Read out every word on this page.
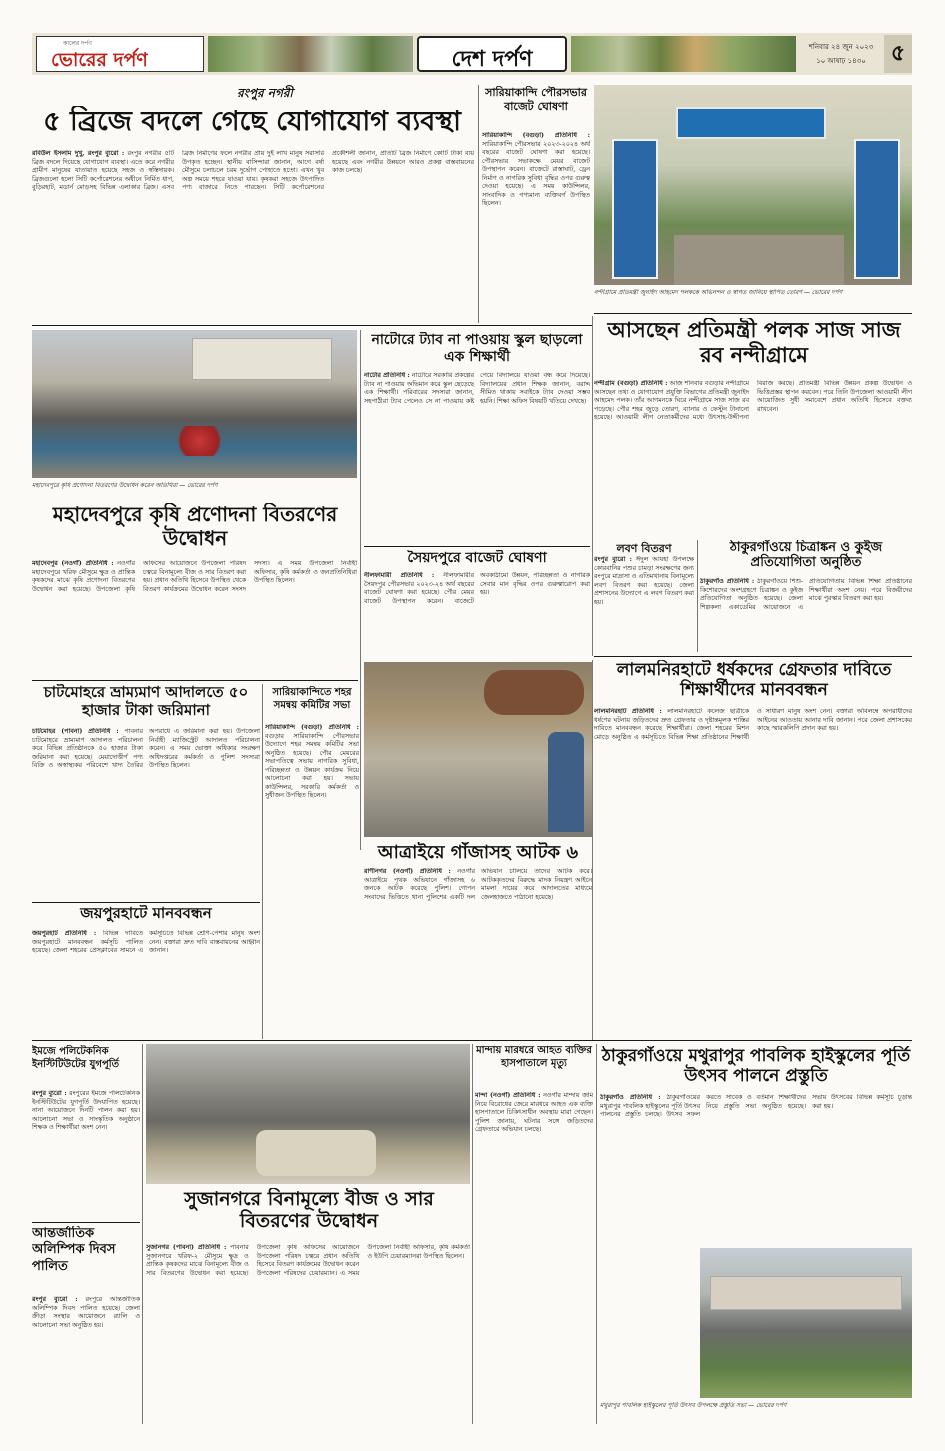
কালের দর্পণ
ভোরের দর্পণ	দেশ দর্পণ	শনিবার ২৪ জুন ২০২৩
১০ আষাঢ় ১৪৩০	৫
রংপুর নগরী
৫ ব্রিজে বদলে গেছে যোগাযোগ ব্যবস্থা
রবিউল ইসলাম দুখু, রংপুর ব্যুরো : রংপুর নগরীর ৫টি ব্রিজ বদলে দিয়েছে যোগাযোগ ব্যবস্থা। এতে করে নগরীর গ্রামীণ মানুষের যাতায়াত হয়েছে সহজ ও স্বস্তিদায়ক। ব্রিজগুলো হলো সিটি কর্পোরেশনের অধীনে নির্মিত ধাপ, বুড়িরহাট, মডার্ন মোড়সহ বিভিন্ন এলাকার ব্রিজ। এসব ব্রিজ নির্মাণের ফলে নগরীর প্রায় দুই লাখ মানুষ সরাসরি উপকৃত হচ্ছেন। স্থানীয় বাসিন্দারা জানান, আগে বর্ষা মৌসুমে চলাচলে চরম দুর্ভোগ পোহাতে হতো। এখন খুব অল্প সময়ে শহরে যাওয়া যায়। কৃষকরা সহজে উৎপাদিত পণ্য বাজারে নিতে পারছেন। সিটি কর্পোরেশনের প্রকৌশলী জানান, প্রতিটি ব্রিজ নির্মাণে কোটি টাকা ব্যয় হয়েছে এবং নগরীর উন্নয়নে আরও প্রকল্প বাস্তবায়নের কাজ চলছে।
সারিয়াকান্দি পৌরসভার বাজেট ঘোষণা
সারিয়াকান্দি (বগুড়া) প্রতিনিধি : সারিয়াকান্দি পৌরসভার ২০২৩-২০২৪ অর্থ বছরের বাজেট ঘোষণা করা হয়েছে। পৌরসভার সভাকক্ষে মেয়র বাজেট উপস্থাপন করেন। বাজেটে রাস্তাঘাট, ড্রেন নির্মাণ ও নাগরিক সুবিধা বৃদ্ধির ওপর গুরুত্ব দেওয়া হয়েছে। এ সময় কাউন্সিলর, সাংবাদিক ও গণ্যমান্য ব্যক্তিবর্গ উপস্থিত ছিলেন।
নন্দীগ্রামে প্রতিমন্ত্রী জুনাইদ আহমেদ পলককে অভিনন্দন ও স্বাগত জানিয়ে স্থাপিত তোরণ — ভোরের দর্পণ
মহাদেবপুরে কৃষি প্রণোদনা বিতরণের উদ্বোধন করেন অতিথিরা — ভোরের দর্পণ
মহাদেবপুরে কৃষি প্রণোদনা বিতরণের উদ্বোধন
মহাদেবপুর (নওগাঁ) প্রতিনিধি : নওগাঁর মহাদেবপুরে খরিফ মৌসুমে ক্ষুদ্র ও প্রান্তিক কৃষকদের মাঝে কৃষি প্রণোদনা বিতরণের উদ্বোধন করা হয়েছে। উপজেলা কৃষি অফিসের আয়োজনে উপজেলা পরিষদ চত্বরে বিনামূল্যে বীজ ও সার বিতরণ করা হয়। প্রধান অতিথি হিসেবে উপস্থিত থেকে বিতরণ কার্যক্রমের উদ্বোধন করেন সংসদ সদস্য। এ সময় উপজেলা নির্বাহী অফিসার, কৃষি কর্মকর্তা ও জনপ্রতিনিধিরা উপস্থিত ছিলেন।
নাটোরে ট্যাব না পাওয়ায় স্কুল ছাড়লো এক শিক্ষার্থী
নাটোর প্রতিনিধি : নাটোরে সরকারি প্রকল্পের ট্যাব না পাওয়ায় অভিমান করে স্কুল ছেড়েছে এক শিক্ষার্থী। পরিবারের সদস্যরা জানান, সহপাঠীরা ট্যাব পেলেও সে না পাওয়ায় কষ্ট পেয়ে বিদ্যালয়ে যাওয়া বন্ধ করে দিয়েছে। বিদ্যালয়ের প্রধান শিক্ষক জানান, বরাদ্দ সীমিত থাকায় সবাইকে ট্যাব দেওয়া সম্ভব হয়নি। শিক্ষা অফিস বিষয়টি খতিয়ে দেখছে।
সৈয়দপুরে বাজেট ঘোষণা
নীলফামারী প্রতিনিধি : নীলফামারীর সৈয়দপুর পৌরসভার ২০২৩-২৪ অর্থ বছরের বাজেট ঘোষণা করা হয়েছে। পৌর মেয়র বাজেট উপস্থাপন করেন। বাজেটে অবকাঠামো উন্নয়ন, পরিচ্ছন্নতা ও নাগরিক সেবার মান বৃদ্ধির ওপর গুরুত্বারোপ করা হয়।
আসছেন প্রতিমন্ত্রী পলক সাজ সাজ রব নন্দীগ্রামে
নন্দীগ্রাম (বগুড়া) প্রতিনিধি : আজ শনিবার বগুড়ার নন্দীগ্রামে আসছেন তথ্য ও যোগাযোগ প্রযুক্তি বিভাগের প্রতিমন্ত্রী জুনাইদ আহমেদ পলক। তাঁর আগমনকে ঘিরে নন্দীগ্রামে সাজ সাজ রব পড়েছে। পৌর শহর জুড়ে তোরণ, ব্যানার ও ফেস্টুন টানানো হয়েছে। আওয়ামী লীগ নেতাকর্মীদের মধ্যে উৎসাহ-উদ্দীপনা বিরাজ করছে। প্রতিমন্ত্রী বিভিন্ন উন্নয়ন প্রকল্প উদ্বোধন ও ভিত্তিপ্রস্তর স্থাপন করবেন। পরে তিনি উপজেলা আওয়ামী লীগ আয়োজিত সুধী সমাবেশে প্রধান অতিথি হিসেবে বক্তব্য রাখবেন।
লবণ বিতরণ
রংপুর ব্যুরো : ঈদুল আযহা উপলক্ষে কোরবানির পশুর চামড়া সংরক্ষণের জন্য রংপুরে মাদ্রাসা ও এতিমখানায় বিনামূল্যে লবণ বিতরণ করা হয়েছে। জেলা প্রশাসনের উদ্যোগে এ লবণ বিতরণ করা হয়।
ঠাকুরগাঁওয়ে চিত্রাঙ্কন ও কুইজ প্রতিযোগিতা অনুষ্ঠিত
ঠাকুরগাঁও প্রতিনিধি : ঠাকুরগাঁওয়ে শিশু-কিশোরদের অংশগ্রহণে চিত্রাঙ্কন ও কুইজ প্রতিযোগিতা অনুষ্ঠিত হয়েছে। জেলা শিল্পকলা একাডেমির আয়োজনে এ প্রতিযোগিতায় বিভিন্ন শিক্ষা প্রতিষ্ঠানের শিক্ষার্থীরা অংশ নেয়। পরে বিজয়ীদের মাঝে পুরস্কার বিতরণ করা হয়।
চাটমোহরে ভ্রাম্যমাণ আদালতে ৫০ হাজার টাকা জরিমানা
চাটমোহর (পাবনা) প্রতিনিধি : পাবনার চাটমোহরে ভ্রাম্যমাণ আদালত পরিচালনা করে বিভিন্ন প্রতিষ্ঠানকে ৫০ হাজার টাকা জরিমানা করা হয়েছে। মেয়াদোত্তীর্ণ পণ্য বিক্রি ও অস্বাস্থ্যকর পরিবেশে খাদ্য তৈরির অপরাধে এ জরিমানা করা হয়। উপজেলা নির্বাহী ম্যাজিস্ট্রেট আদালত পরিচালনা করেন। এ সময় ভোক্তা অধিকার সংরক্ষণ অধিদপ্তরের কর্মকর্তা ও পুলিশ সদস্যরা উপস্থিত ছিলেন।
জয়পুরহাটে মানববন্ধন
জয়পুরহাট প্রতিনিধি : বিভিন্ন দাবিতে জয়পুরহাটে মানববন্ধন কর্মসূচি পালিত হয়েছে। জেলা শহরের প্রেসক্লাবের সামনে এ কর্মসূচিতে বিভিন্ন শ্রেণি-পেশার মানুষ অংশ নেন। বক্তারা দ্রুত দাবি বাস্তবায়নের আহ্বান জানান।
সারিয়াকান্দিতে শহর সমন্বয় কমিটির সভা
সারিয়াকান্দি (বগুড়া) প্রতিনিধি : বগুড়ার সারিয়াকান্দি পৌরসভার উদ্যোগে শহর সমন্বয় কমিটির সভা অনুষ্ঠিত হয়েছে। পৌর মেয়রের সভাপতিত্বে সভায় নাগরিক সুবিধা, পরিচ্ছন্নতা ও উন্নয়ন কার্যক্রম নিয়ে আলোচনা করা হয়। সভায় কাউন্সিলর, সরকারি কর্মকর্তা ও সুধীজন উপস্থিত ছিলেন।
আত্রাইয়ে গাঁজাসহ আটক ৬
রাণীনগর (নওগাঁ) প্রতিনিধি : নওগাঁর আত্রাইয়ে পৃথক অভিযানে গাঁজাসহ ৬ জনকে আটক করেছে পুলিশ। গোপন সংবাদের ভিত্তিতে থানা পুলিশের একটি দল অভিযান চালিয়ে তাদের আটক করে। আটককৃতদের বিরুদ্ধে মাদক নিয়ন্ত্রণ আইনে মামলা দায়ের করে আদালতের মাধ্যমে জেলহাজতে পাঠানো হয়েছে।
লালমনিরহাটে ধর্ষকদের গ্রেফতার দাবিতে শিক্ষার্থীদের মানববন্ধন
লালমনিরহাট প্রতিনিধি : লালমনিরহাটে কলেজ ছাত্রীকে ধর্ষণের ঘটনায় জড়িতদের দ্রুত গ্রেফতার ও দৃষ্টান্তমূলক শাস্তির দাবিতে মানববন্ধন করেছে শিক্ষার্থীরা। জেলা শহরের মিশন মোড়ে অনুষ্ঠিত এ কর্মসূচিতে বিভিন্ন শিক্ষা প্রতিষ্ঠানের শিক্ষার্থী ও সাধারণ মানুষ অংশ নেন। বক্তারা অবিলম্বে অপরাধীদের আইনের আওতায় আনার দাবি জানান। পরে জেলা প্রশাসকের কাছে স্মারকলিপি প্রদান করা হয়।
ইমজে পলিটেকনিক ইনস্টিটিউটের যুগপূর্তি
রংপুর ব্যুরো : রংপুরের ইমজে পলিটেকনিক ইনস্টিটিউটের যুগপূর্তি উদযাপিত হয়েছে। নানা আয়োজনে দিনটি পালন করা হয়। আলোচনা সভা ও সাংস্কৃতিক অনুষ্ঠানে শিক্ষক ও শিক্ষার্থীরা অংশ নেন।
আন্তর্জাতিক অলিম্পিক দিবস পালিত
রংপুর ব্যুরো : রংপুরে আন্তর্জাতিক অলিম্পিক দিবস পালিত হয়েছে। জেলা ক্রীড়া সংস্থার আয়োজনে র‌্যালি ও আলোচনা সভা অনুষ্ঠিত হয়।
সুজানগরে বিনামূল্যে বীজ ও সার বিতরণের উদ্বোধন
সুজানগর (পাবনা) প্রতিনিধি : পাবনার সুজানগরে খরিফ-২ মৌসুমে ক্ষুদ্র ও প্রান্তিক কৃষকদের মাঝে বিনামূল্যে বীজ ও সার বিতরণের উদ্বোধন করা হয়েছে। উপজেলা কৃষি অফিসের আয়োজনে উপজেলা পরিষদ চত্বরে প্রধান অতিথি হিসেবে বিতরণ কার্যক্রমের উদ্বোধন করেন উপজেলা পরিষদের চেয়ারম্যান। এ সময় উপজেলা নির্বাহী অফিসার, কৃষি কর্মকর্তা ও ইউপি চেয়ারম্যানরা উপস্থিত ছিলেন।
মান্দায় মারধরে আহত ব্যক্তির হাসপাতালে মৃত্যু
মান্দা (নওগাঁ) প্রতিনিধি : নওগাঁর মান্দায় জমি নিয়ে বিরোধের জেরে মারধরে আহত এক ব্যক্তি হাসপাতালে চিকিৎসাধীন অবস্থায় মারা গেছেন। পুলিশ জানায়, ঘটনার সঙ্গে জড়িতদের গ্রেফতারে অভিযান চলছে।
ঠাকুরগাঁওয়ে মথুরাপুর পাবলিক হাইস্কুলের পূর্তি উৎসব পালনে প্রস্তুতি
ঠাকুরগাঁও প্রতিনিধি : ঠাকুরগাঁওয়ের মথুরাপুর পাবলিক হাইস্কুলের পূর্তি উৎসব পালনের প্রস্তুতি চলছে। উৎসব সফল করতে সাবেক ও বর্তমান শিক্ষার্থীদের নিয়ে প্রস্তুতি সভা অনুষ্ঠিত হয়েছে। সভায় উৎসবের বিভিন্ন কর্মসূচি চূড়ান্ত করা হয়।
মথুরাপুর পাবলিক হাইস্কুলের পূর্তি উৎসব উপলক্ষে প্রস্তুতি সভা — ভোরের দর্পণ
